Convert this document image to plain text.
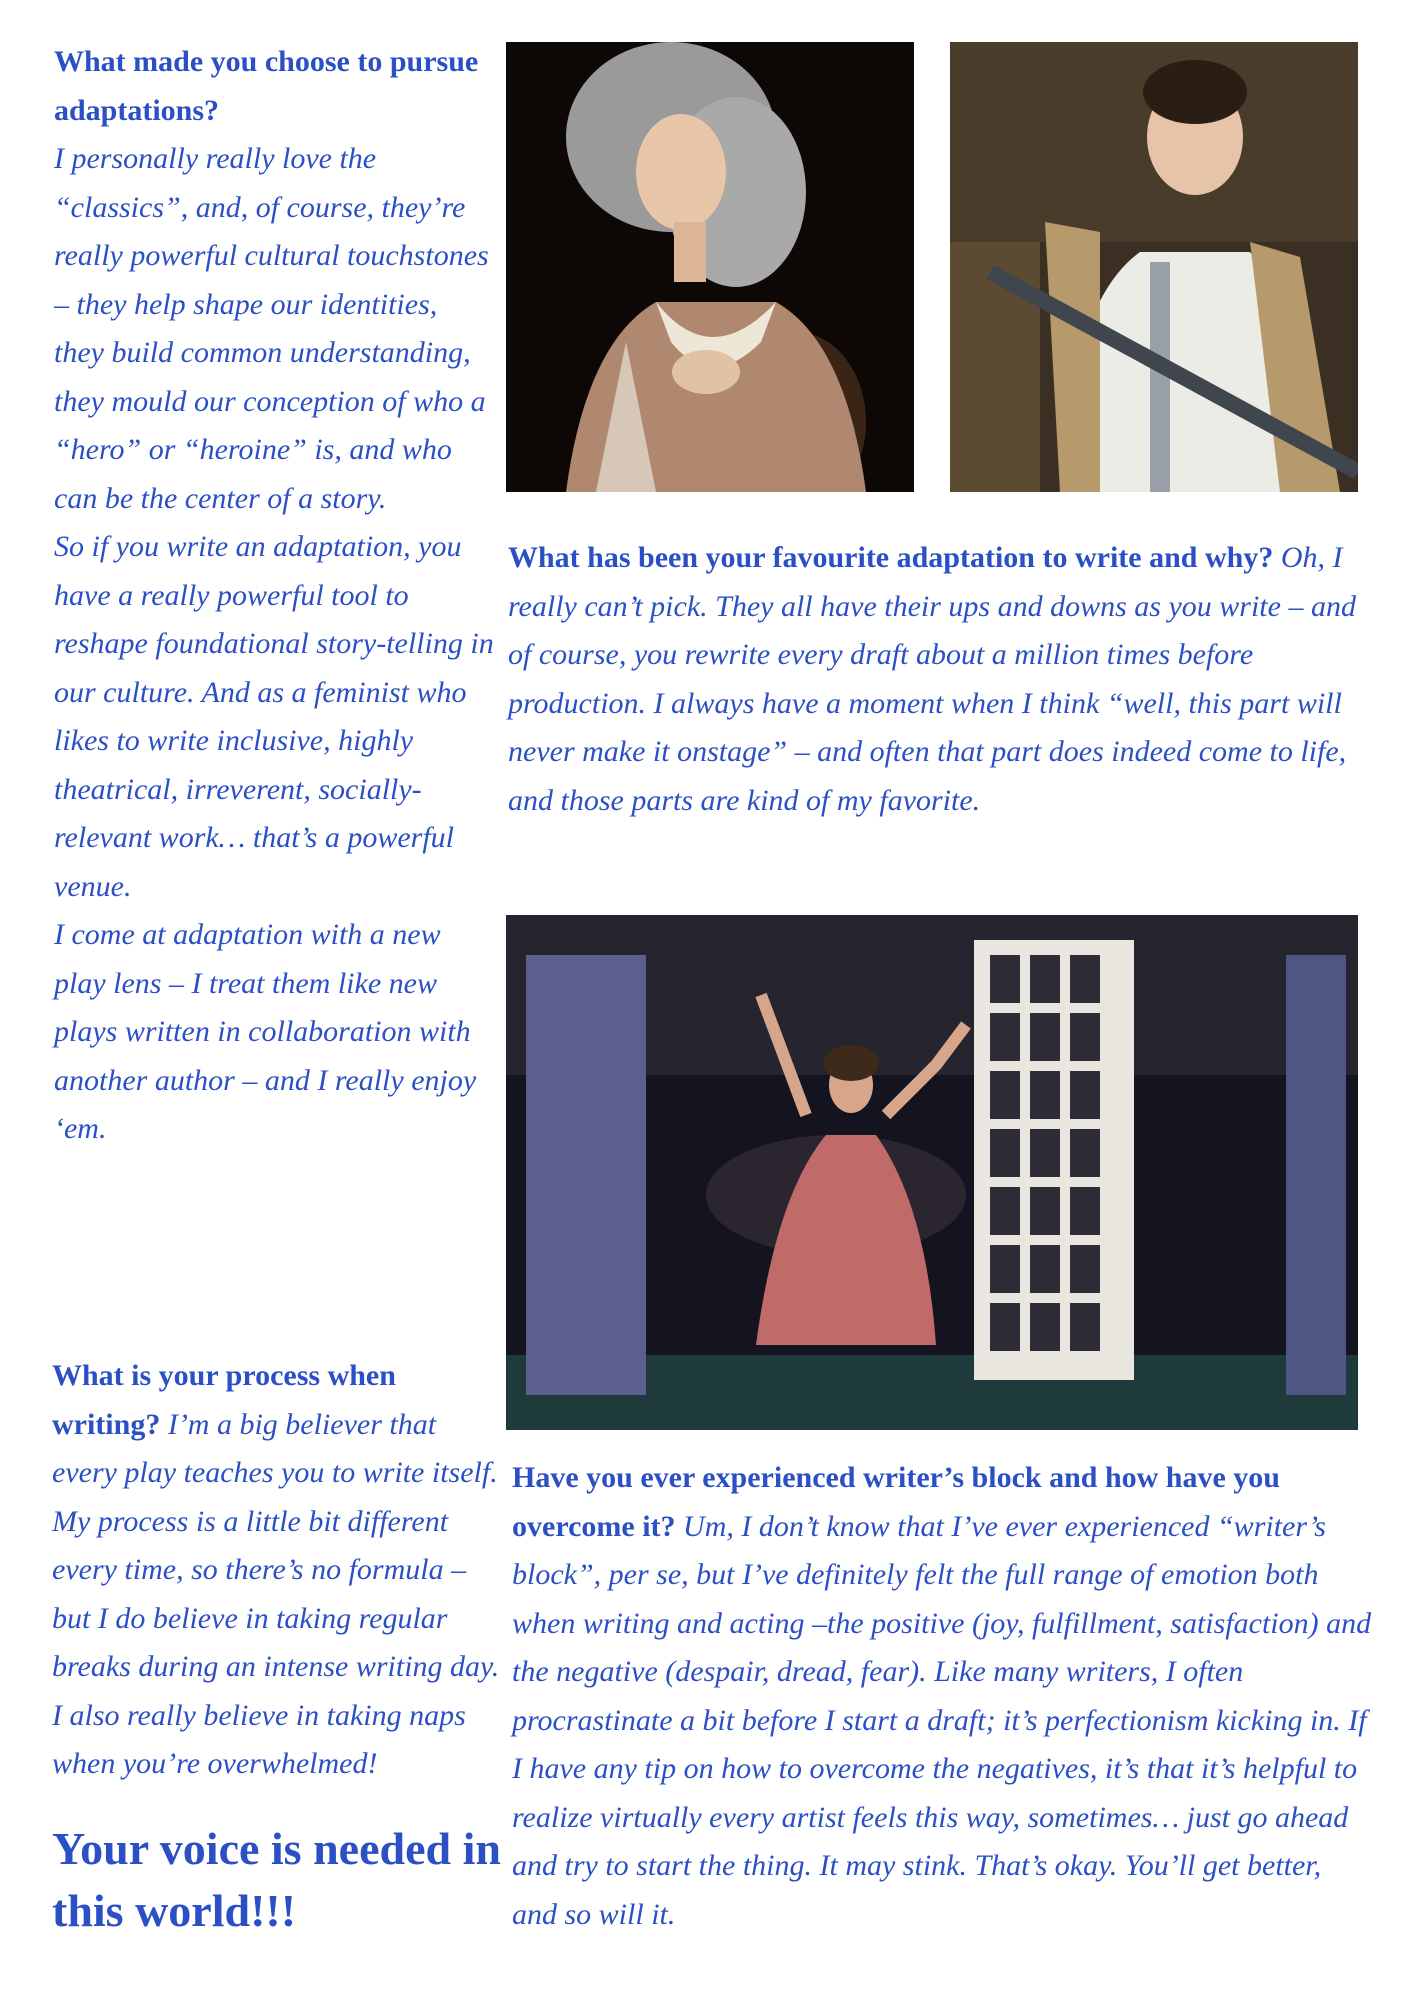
What made you choose to pursue adaptations?
I personally really love the “classics”, and, of course, they’re really powerful cultural touchstones – they help shape our identities, they build common understanding, they mould our conception of who a “hero” or “heroine” is, and who can be the center of a story.
So if you write an adaptation, you have a really powerful tool to reshape foundational story-telling in our culture. And as a feminist who likes to write inclusive, highly theatrical, irreverent, socially-relevant work… that’s a powerful venue.
I come at adaptation with a new play lens – I treat them like new plays written in collaboration with another author – and I really enjoy ‘em.
What is your process when writing? I’m a big believer that every play teaches you to write itself. My process is a little bit different every time, so there’s no formula – but I do believe in taking regular breaks during an intense writing day. I also really believe in taking naps when you’re overwhelmed!
Your voice is needed in this world!!!
What has been your favourite adaptation to write and why? Oh, I really can’t pick. They all have their ups and downs as you write – and of course, you rewrite every draft about a million times before production. I always have a moment when I think “well, this part will never make it onstage” – and often that part does indeed come to life, and those parts are kind of my favorite.
Have you ever experienced writer’s block and how have you overcome it? Um, I don’t know that I’ve ever experienced “writer’s block”, per se, but I’ve definitely felt the full range of emotion both when writing and acting –the positive (joy, fulfillment, satisfaction) and the negative (despair, dread, fear). Like many writers, I often procrastinate a bit before I start a draft; it’s perfectionism kicking in. If I have any tip on how to overcome the negatives, it’s that it’s helpful to realize virtually every artist feels this way, sometimes… just go ahead and try to start the thing. It may stink. That’s okay. You’ll get better, and so will it.
